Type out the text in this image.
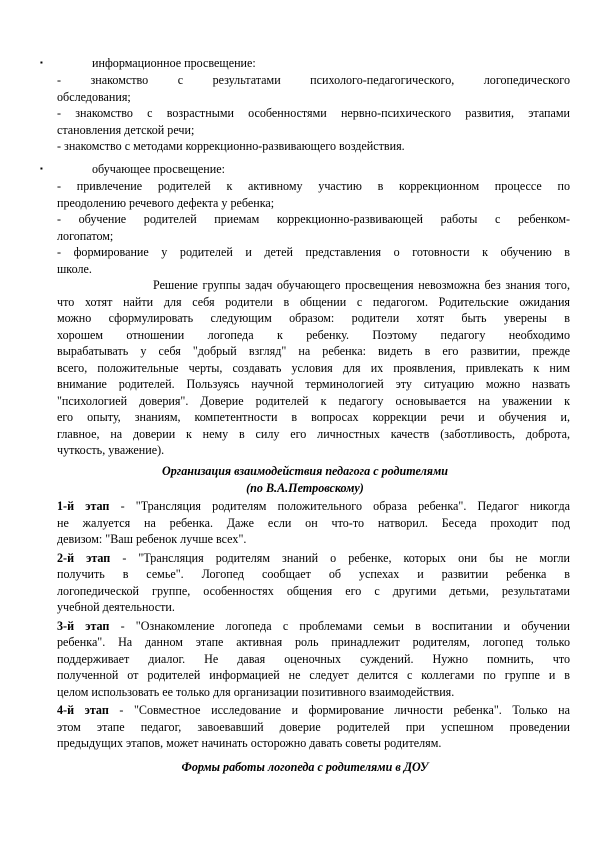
▪	информационное просвещение:
- знакомство с результатами психолого-педагогического, логопедического
обследования;
- знакомство с возрастными особенностями нервно-психического развития, этапами
становления детской речи;
- знакомство с методами коррекционно-развивающего воздействия.
▪	обучающее просвещение:
- привлечение родителей к активному участию в коррекционном процессе по
преодолению речевого дефекта у ребенка;
- обучение родителей приемам коррекционно-развивающей работы с ребенком-
логопатом;
- формирование у родителей и детей представления о готовности к обучению в
школе.
Решение группы задач обучающего просвещения невозможна без знания того,
что хотят найти для себя родители в общении с педагогом. Родительские ожидания
можно сформулировать следующим образом: родители хотят быть уверены в
хорошем отношении логопеда к ребенку. Поэтому педагогу необходимо
вырабатывать у себя "добрый взгляд" на ребенка: видеть в его развитии, прежде
всего, положительные черты, создавать условия для их проявления, привлекать к ним
вниманиe родителей. Пользуясь научной терминологией эту ситуацию можно назвать
"психологией доверия". Доверие родителей к педагогу основывается на уважении к
его опыту, знаниям, компетентности в вопросах коррекции речи и обучения и,
главное, на доверии к нему в силу его личностных качеств (заботливость, доброта,
чуткость, уважение).
Организация взаимодействия педагога с родителями
(по В.А.Петровскому)
1-й этап - "Трансляция родителям положительного образа ребенка". Педагог никогда
не жалуется на ребенка. Даже если он что-то натворил. Беседа проходит под
девизом: "Ваш ребенок лучше всех".
2-й этап - "Трансляция родителям знаний о ребенке, которых они бы не могли
получить в семье". Логопед сообщает об успехах и развитии ребенка в
логопедической группе, особенностях общения его с другими детьми, результатами
учебной деятельности.
3-й этап - "Ознакомление логопеда с проблемами семьи в воспитании и обучении
ребенка". На данном этапе активная роль принадлежит родителям, логопед только
поддерживает диалог. Не давая оценочных суждений. Нужно помнить, что
полученной от родителей информацией не следует делится с коллегами по группе и в
целом использовать ее только для организации позитивного взаимодействия.
4-й этап - "Совместное исследование и формирование личности ребенка". Только на
этом этапе педагог, завоевавший доверие родителей при успешном проведении
предыдущих этапов, может начинать осторожно давать советы родителям.
Формы работы логопеда с родителями в ДОУ
